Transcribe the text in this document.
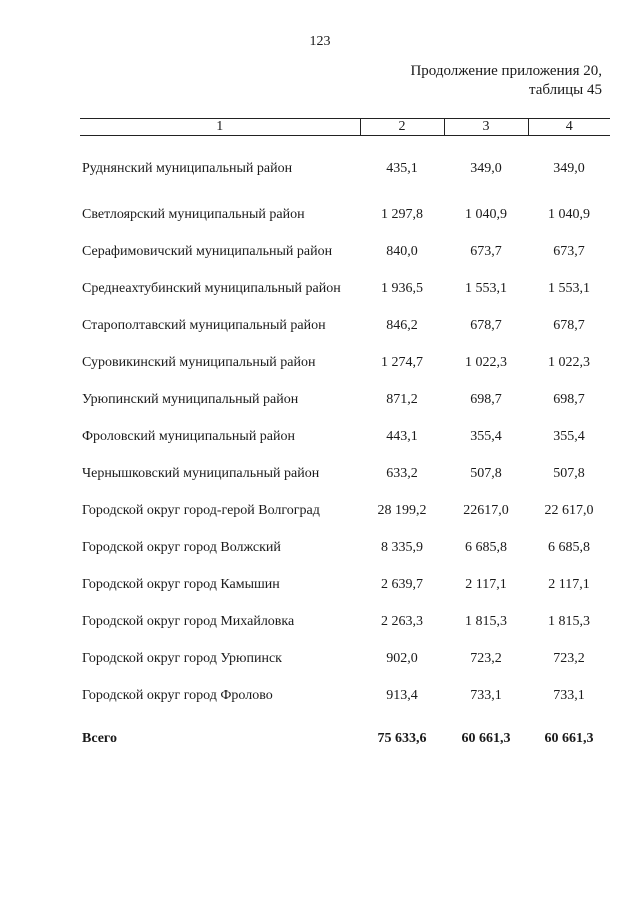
123
Продолжение приложения 20,
таблицы 45
1	2	3	4
Руднянский муниципальный район	435,1	349,0	349,0
Светлоярский муниципальный район	1 297,8	1 040,9	1 040,9
Серафимовичский муниципальный район	840,0	673,7	673,7
Среднеахтубинский муниципальный район	1 936,5	1 553,1	1 553,1
Старополтавский муниципальный район	846,2	678,7	678,7
Суровикинский муниципальный район	1 274,7	1 022,3	1 022,3
Урюпинский муниципальный район	871,2	698,7	698,7
Фроловский муниципальный район	443,1	355,4	355,4
Чернышковский муниципальный район	633,2	507,8	507,8
Городской округ город-герой Волгоград	28 199,2	22617,0	22 617,0
Городской округ город Волжский	8 335,9	6 685,8	6 685,8
Городской округ город Камышин	2 639,7	2 117,1	2 117,1
Городской округ город Михайловка	2 263,3	1 815,3	1 815,3
Городской округ город Урюпинск	902,0	723,2	723,2
Городской округ город Фролово	913,4	733,1	733,1
Всего	75 633,6	60 661,3	60 661,3
